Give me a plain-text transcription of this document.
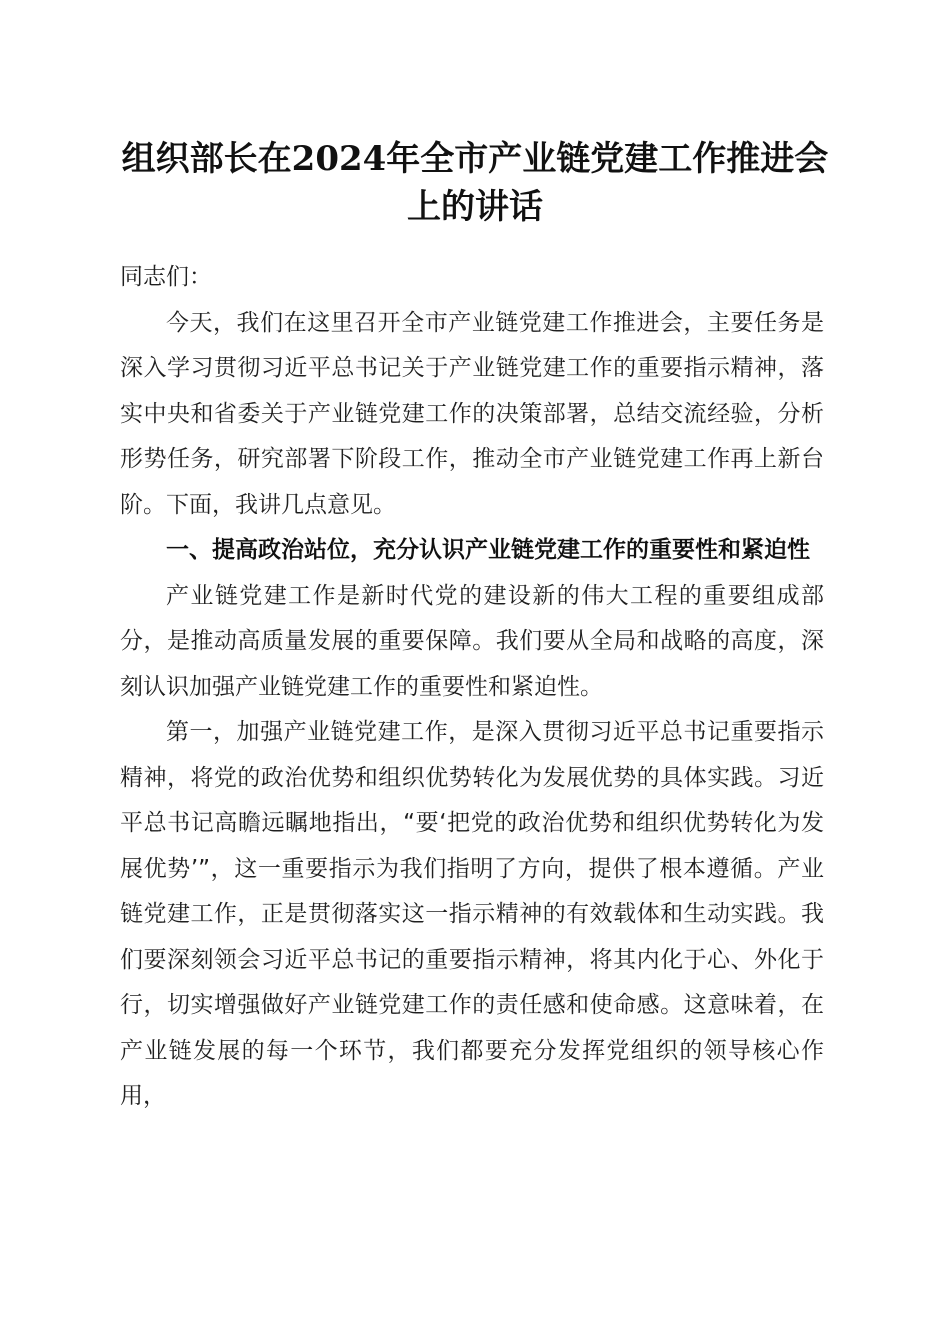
组织部长在2024年全市产业链党建工作推进会上的讲话

同志们：

今天，我们在这里召开全市产业链党建工作推进会，主要任务是深入学习贯彻习近平总书记关于产业链党建工作的重要指示精神，落实中央和省委关于产业链党建工作的决策部署，总结交流经验，分析形势任务，研究部署下阶段工作，推动全市产业链党建工作再上新台阶。下面，我讲几点意见。

一、提高政治站位，充分认识产业链党建工作的重要性和紧迫性

产业链党建工作是新时代党的建设新的伟大工程的重要组成部分，是推动高质量发展的重要保障。我们要从全局和战略的高度，深刻认识加强产业链党建工作的重要性和紧迫性。

第一，加强产业链党建工作，是深入贯彻习近平总书记重要指示精神，将党的政治优势和组织优势转化为发展优势的具体实践。习近平总书记高瞻远瞩地指出，“要‘把党的政治优势和组织优势转化为发展优势’”，这一重要指示为我们指明了方向，提供了根本遵循。产业链党建工作，正是贯彻落实这一指示精神的有效载体和生动实践。我们要深刻领会习近平总书记的重要指示精神，将其内化于心、外化于行，切实增强做好产业链党建工作的责任感和使命感。这意味着，在产业链发展的每一个环节，我们都要充分发挥党组织的领导核心作用，
